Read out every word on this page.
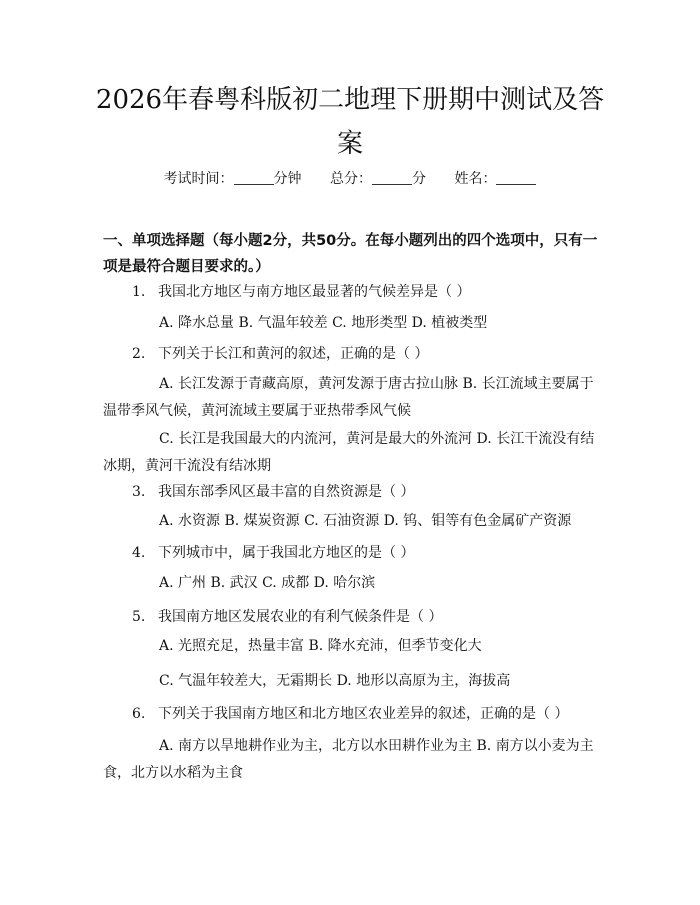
2026年春粤科版初二地理下册期中测试及答案
考试时间：	分钟 总分：	分 姓名：
一、单项选择题（每小题2分，共50分。在每小题列出的四个选项中，只有一项是最符合题目要求的。）
1. 我国北方地区与南方地区最显著的气候差异是（ ）
A. 降水总量 B. 气温年较差 C. 地形类型 D. 植被类型
2. 下列关于长江和黄河的叙述，正确的是（ ）
A. 长江发源于青藏高原，黄河发源于唐古拉山脉 B. 长江流域主要属于温带季风气候，黄河流域主要属于亚热带季风气候
C. 长江是我国最大的内流河，黄河是最大的外流河 D. 长江干流没有结冰期，黄河干流没有结冰期
3. 我国东部季风区最丰富的自然资源是（ ）
A. 水资源 B. 煤炭资源 C. 石油资源 D. 钨、钼等有色金属矿产资源
4. 下列城市中，属于我国北方地区的是（ ）
A. 广州 B. 武汉 C. 成都 D. 哈尔滨
5. 我国南方地区发展农业的有利气候条件是（ ）
A. 光照充足，热量丰富 B. 降水充沛，但季节变化大
C. 气温年较差大，无霜期长 D. 地形以高原为主，海拔高
6. 下列关于我国南方地区和北方地区农业差异的叙述，正确的是（ ）
A. 南方以旱地耕作业为主，北方以水田耕作业为主 B. 南方以小麦为主食，北方以水稻为主食
